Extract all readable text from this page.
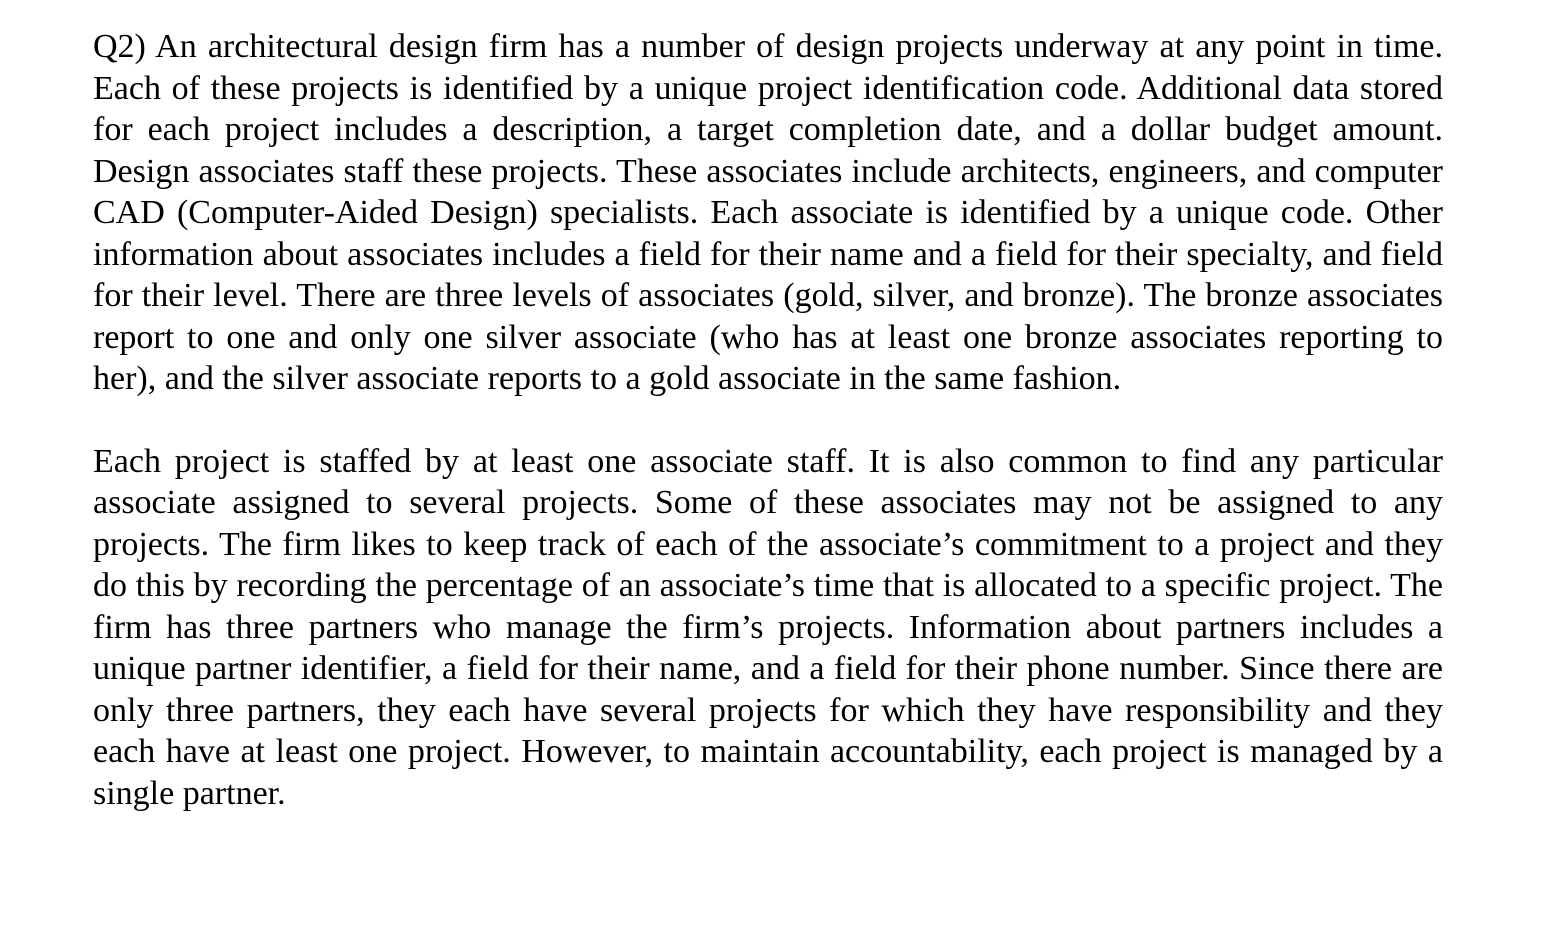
Q2) An architectural design firm has a number of design projects underway at any point in time. Each of these projects is identified by a unique project identification code. Additional data stored for each project includes a description, a target completion date, and a dollar budget amount. Design associates staff these projects. These associates include architects, engineers, and computer CAD (Computer-Aided Design) specialists. Each associate is identified by a unique code. Other information about associates includes a field for their name and a field for their specialty, and field for their level. There are three levels of associates (gold, silver, and bronze). The bronze associates report to one and only one silver associate (who has at least one bronze associates reporting to her), and the silver associate reports to a gold associate in the same fashion.

Each project is staffed by at least one associate staff. It is also common to find any particular associate assigned to several projects. Some of these associates may not be assigned to any projects. The firm likes to keep track of each of the associate’s commitment to a project and they do this by recording the percentage of an associate’s time that is allocated to a specific project. The firm has three partners who manage the firm’s projects. Information about partners includes a unique partner identifier, a field for their name, and a field for their phone number. Since there are only three partners, they each have several projects for which they have responsibility and they each have at least one project. However, to maintain accountability, each project is managed by a single partner.
